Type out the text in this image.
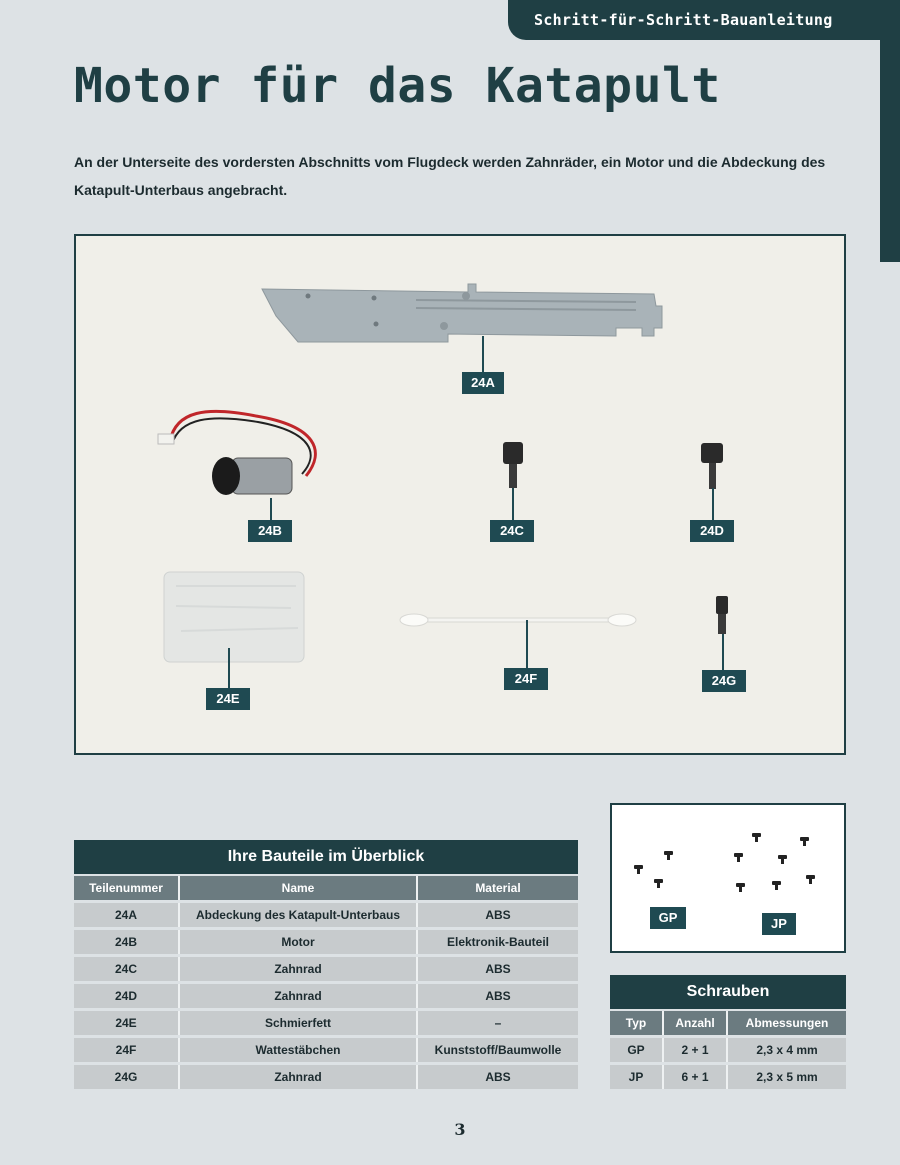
Schritt-für-Schritt-Bauanleitung
Motor für das Katapult

An der Unterseite des vordersten Abschnitts vom Flugdeck werden Zahnräder, ein Motor und die Abdeckung des Katapult-Unterbaus angebracht.

24A
24B	24C	24D
24E
24F	24G
Ihre Bauteile im Überblick
Teilenummer	Name	Material
24A	Abdeckung des Katapult-Unterbaus	ABS
24B	Motor	Elektronik-Bauteil
24C	Zahnrad	ABS
24D	Zahnrad	ABS
24E	Schmierfett	–
24F	Wattestäbchen	Kunststoff/Baumwolle
24G	Zahnrad	ABS
GP	JP
Schrauben
Typ	Anzahl	Abmessungen
GP	2 + 1	2,3 x 4 mm
JP	6 + 1	2,3 x 5 mm
3
